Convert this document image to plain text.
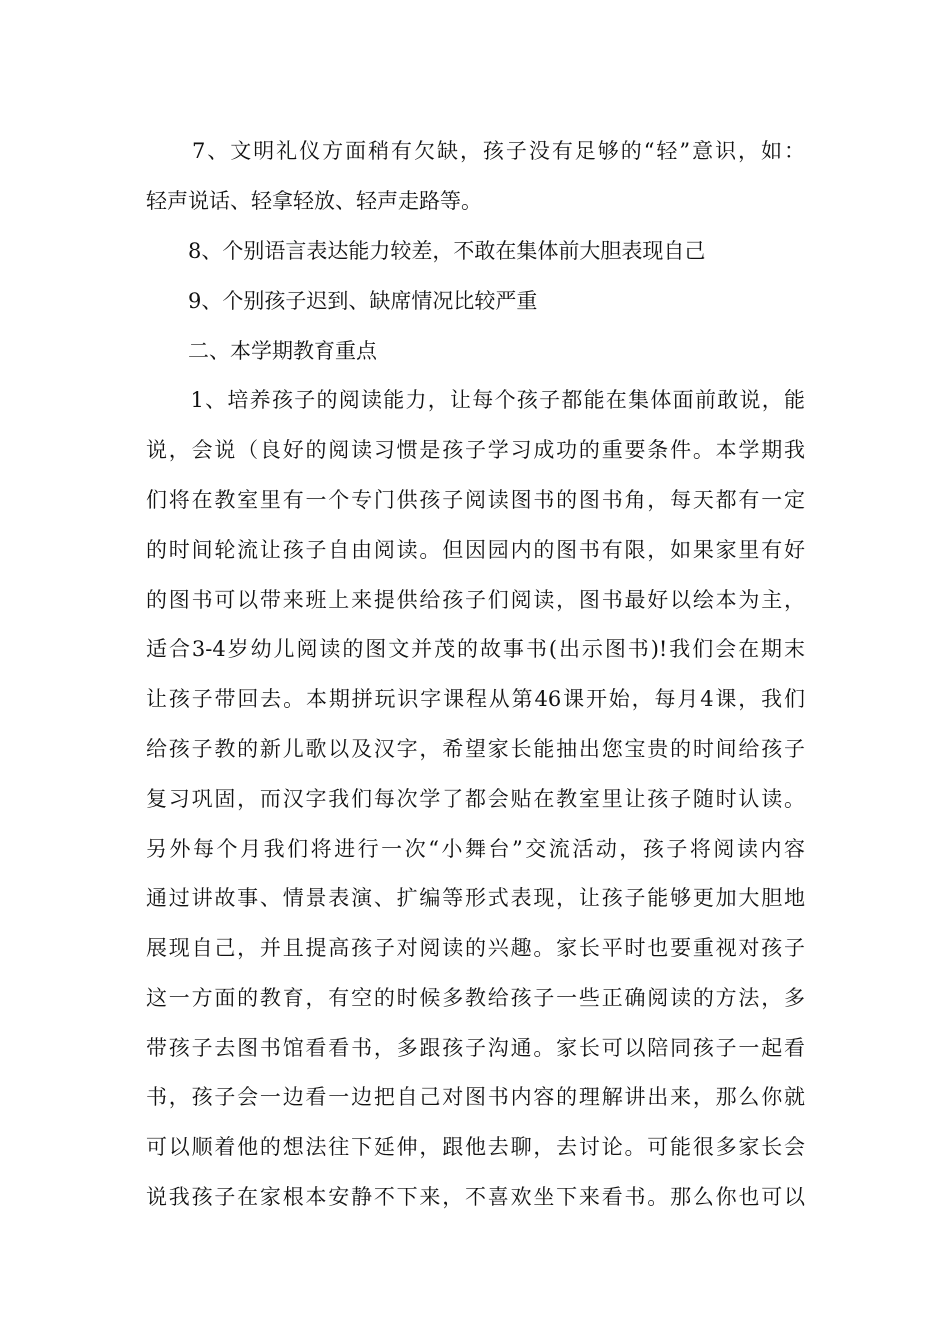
　　7、文明礼仪方面稍有欠缺，孩子没有足够的“轻”意识，如：
轻声说话、轻拿轻放、轻声走路等。
　　8、个别语言表达能力较差，不敢在集体前大胆表现自己
　　9、个别孩子迟到、缺席情况比较严重
　　二、本学期教育重点
　　1、培养孩子的阅读能力，让每个孩子都能在集体面前敢说，能
说，会说（良好的阅读习惯是孩子学习成功的重要条件。本学期我
们将在教室里有一个专门供孩子阅读图书的图书角，每天都有一定
的时间轮流让孩子自由阅读。但因园内的图书有限，如果家里有好
的图书可以带来班上来提供给孩子们阅读，图书最好以绘本为主，
适合3-4岁幼儿阅读的图文并茂的故事书(出示图书)!我们会在期末
让孩子带回去。本期拼玩识字课程从第46课开始，每月4课，我们
给孩子教的新儿歌以及汉字，希望家长能抽出您宝贵的时间给孩子
复习巩固，而汉字我们每次学了都会贴在教室里让孩子随时认读。
另外每个月我们将进行一次“小舞台”交流活动，孩子将阅读内容
通过讲故事、情景表演、扩编等形式表现，让孩子能够更加大胆地
展现自己，并且提高孩子对阅读的兴趣。家长平时也要重视对孩子
这一方面的教育，有空的时候多教给孩子一些正确阅读的方法，多
带孩子去图书馆看看书，多跟孩子沟通。家长可以陪同孩子一起看
书，孩子会一边看一边把自己对图书内容的理解讲出来，那么你就
可以顺着他的想法往下延伸，跟他去聊，去讨论。可能很多家长会
说我孩子在家根本安静不下来，不喜欢坐下来看书。那么你也可以
